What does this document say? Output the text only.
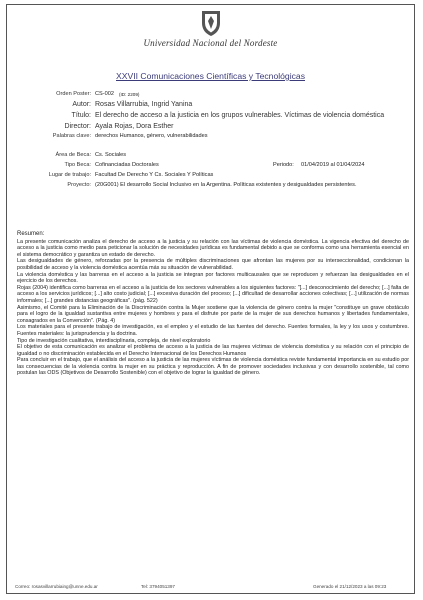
Universidad Nacional del Nordeste
XXVII Comunicaciones Científicas y Tecnológicas
Orden Poster: CS-002 (ID: 2209)
Autor: Rosas Villarrubia, Ingrid Yanina
Título: El derecho de acceso a la justicia en los grupos vulnerables. Víctimas de violencia doméstica
Director: Ayala Rojas, Dora Esther
Palabras clave: derechos Humanos, género, vulnerabilidades
Área de Beca: Cs. Sociales
Tipo Beca: Cofinanciadas Doctorales	Periodo: 01/04/2019 al 01/04/2024
Lugar de trabajo: Facultad De Derecho Y Cs. Sociales Y Políticas
Proyecto: (20G001) El desarrollo Social Inclusivo en la Argentina. Políticas existentes y desigualdades persistentes.

Resumen:

La presente comunicación analiza el derecho de acceso a la justicia y su relación con las víctimas de violencia doméstica. La vigencia efectiva del derecho de acceso a la justicia como medio para peticionar la solución de necesidades jurídicas es fundamental debido a que se conforma como una herramienta esencial en el sistema democrático y garantiza un estado de derecho.

Las desigualdades de género, reforzadas por la presencia de múltiples discriminaciones que afrontan las mujeres por su interseccionalidad, condicionan la posibilidad de acceso y la violencia doméstica acentúa más su situación de vulnerabilidad.

La violencia doméstica y las barreras en el acceso a la justicia se integran por factores multicausales que se reproducen y refuerzan las desigualdades en el ejercicio de los derechos.

Rojas (2004) identifica como barreras en el acceso a la justicia de los sectores vulnerables a los siguientes factores: "[...] desconocimiento del derecho; [...] falta de acceso a los servicios jurídicos; [...] alto costo judicial; [...] excesiva duración del proceso; [...] dificultad de desarrollar acciones colectivas; [...] utilización de normas informales; [...] grandes distancias geográficas". (pág. 522)

Asimismo, el Comité para la Eliminación de la Discriminación contra la Mujer sostiene que la violencia de género contra la mujer "constituye un grave obstáculo para el logro de la igualdad sustantiva entre mujeres y hombres y para el disfrute por parte de la mujer de sus derechos humanos y libertades fundamentales, consagrados en la Convención". (Pág. 4)

Los materiales para el presente trabajo de investigación, es el empleo y el estudio de las fuentes del derecho. Fuentes formales, la ley y los usos y costumbres. Fuentes materiales: la jurisprudencia y la doctrina.

Tipo de investigación cualitativa, interdisciplinaria, compleja, de nivel exploratorio

El objetivo de esta comunicación es analizar el problema de acceso a la justicia de las mujeres víctimas de violencia doméstica y su relación con el principio de igualdad o no discriminación establecida en el Derecho Internacional de los Derechos Humanos

Para concluir en el trabajo, que el análisis del acceso a la justicia de las mujeres víctimas de violencia doméstica reviste fundamental importancia en su estudio por las consecuencias de la violencia contra la mujer en su práctica y reproducción. A fin de promover sociedades inclusivas y con desarrollo sostenible, tal como postulan las ODS (Objetivos de Desarrollo Sostenible) con el objetivo de lograr la igualdad de género.

Correo: rosasvillarrubiaing@unne.edu.ar	Tel: 3794051397	Generado el 21/12/2023 a las 09:23
